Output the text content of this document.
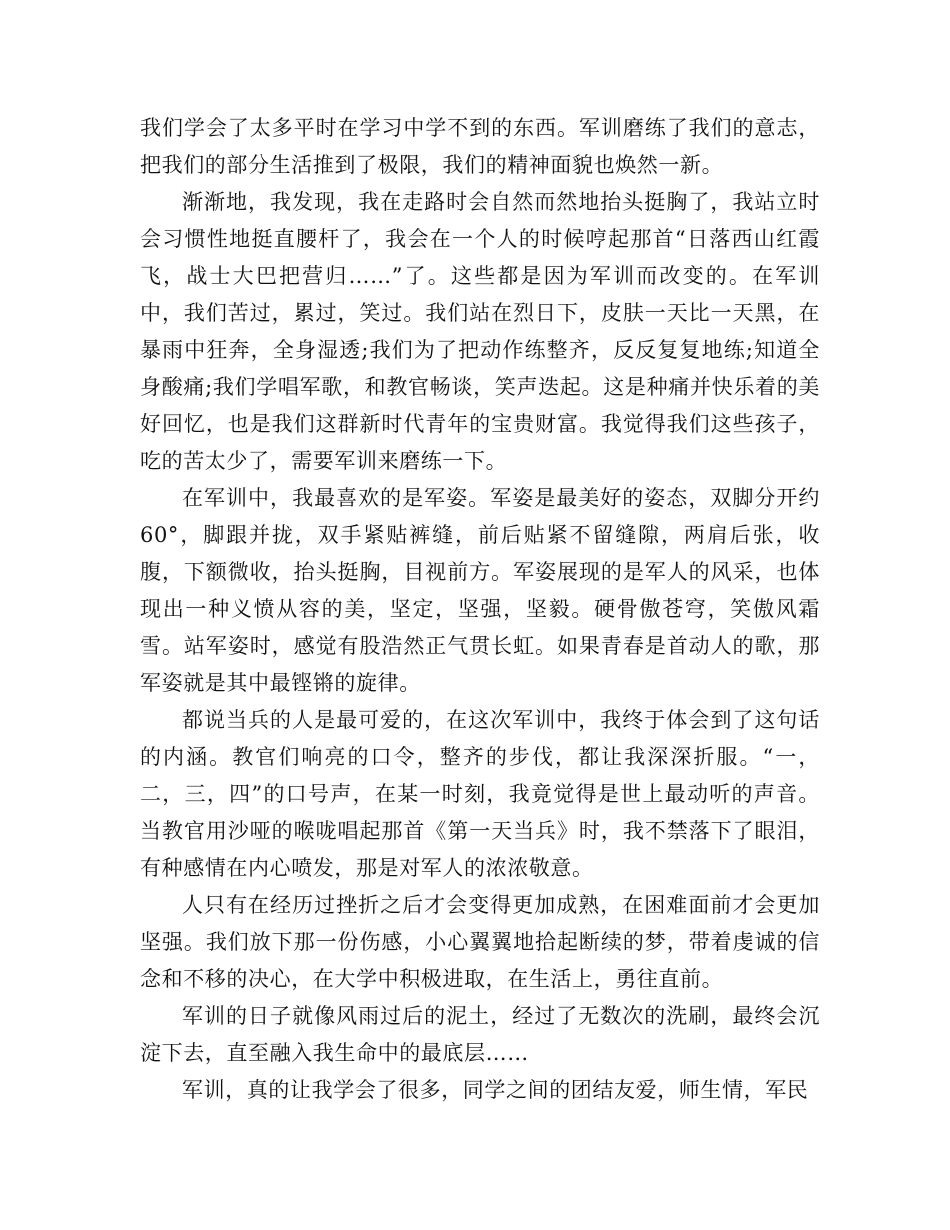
我们学会了太多平时在学习中学不到的东西。军训磨练了我们的意志，把我们的部分生活推到了极限，我们的精神面貌也焕然一新。

渐渐地，我发现，我在走路时会自然而然地抬头挺胸了，我站立时会习惯性地挺直腰杆了，我会在一个人的时候哼起那首“日落西山红霞飞，战士大巴把营归……”了。这些都是因为军训而改变的。在军训中，我们苦过，累过，笑过。我们站在烈日下，皮肤一天比一天黑，在暴雨中狂奔，全身湿透;我们为了把动作练整齐，反反复复地练;知道全身酸痛;我们学唱军歌，和教官畅谈，笑声迭起。这是种痛并快乐着的美好回忆，也是我们这群新时代青年的宝贵财富。我觉得我们这些孩子，吃的苦太少了，需要军训来磨练一下。

在军训中，我最喜欢的是军姿。军姿是最美好的姿态，双脚分开约60°，脚跟并拢，双手紧贴裤缝，前后贴紧不留缝隙，两肩后张，收腹，下额微收，抬头挺胸，目视前方。军姿展现的是军人的风采，也体现出一种义愤从容的美，坚定，坚强，坚毅。硬骨傲苍穹，笑傲风霜雪。站军姿时，感觉有股浩然正气贯长虹。如果青春是首动人的歌，那军姿就是其中最铿锵的旋律。

都说当兵的人是最可爱的，在这次军训中，我终于体会到了这句话的内涵。教官们响亮的口令，整齐的步伐，都让我深深折服。“一，二，三，四”的口号声，在某一时刻，我竟觉得是世上最动听的声音。当教官用沙哑的喉咙唱起那首《第一天当兵》时，我不禁落下了眼泪，有种感情在内心喷发，那是对军人的浓浓敬意。

人只有在经历过挫折之后才会变得更加成熟，在困难面前才会更加坚强。我们放下那一份伤感，小心翼翼地拾起断续的梦，带着虔诚的信念和不移的决心，在大学中积极进取，在生活上，勇往直前。

军训的日子就像风雨过后的泥土，经过了无数次的洗刷，最终会沉淀下去，直至融入我生命中的最底层……

军训，真的让我学会了很多，同学之间的团结友爱，师生情，军民
